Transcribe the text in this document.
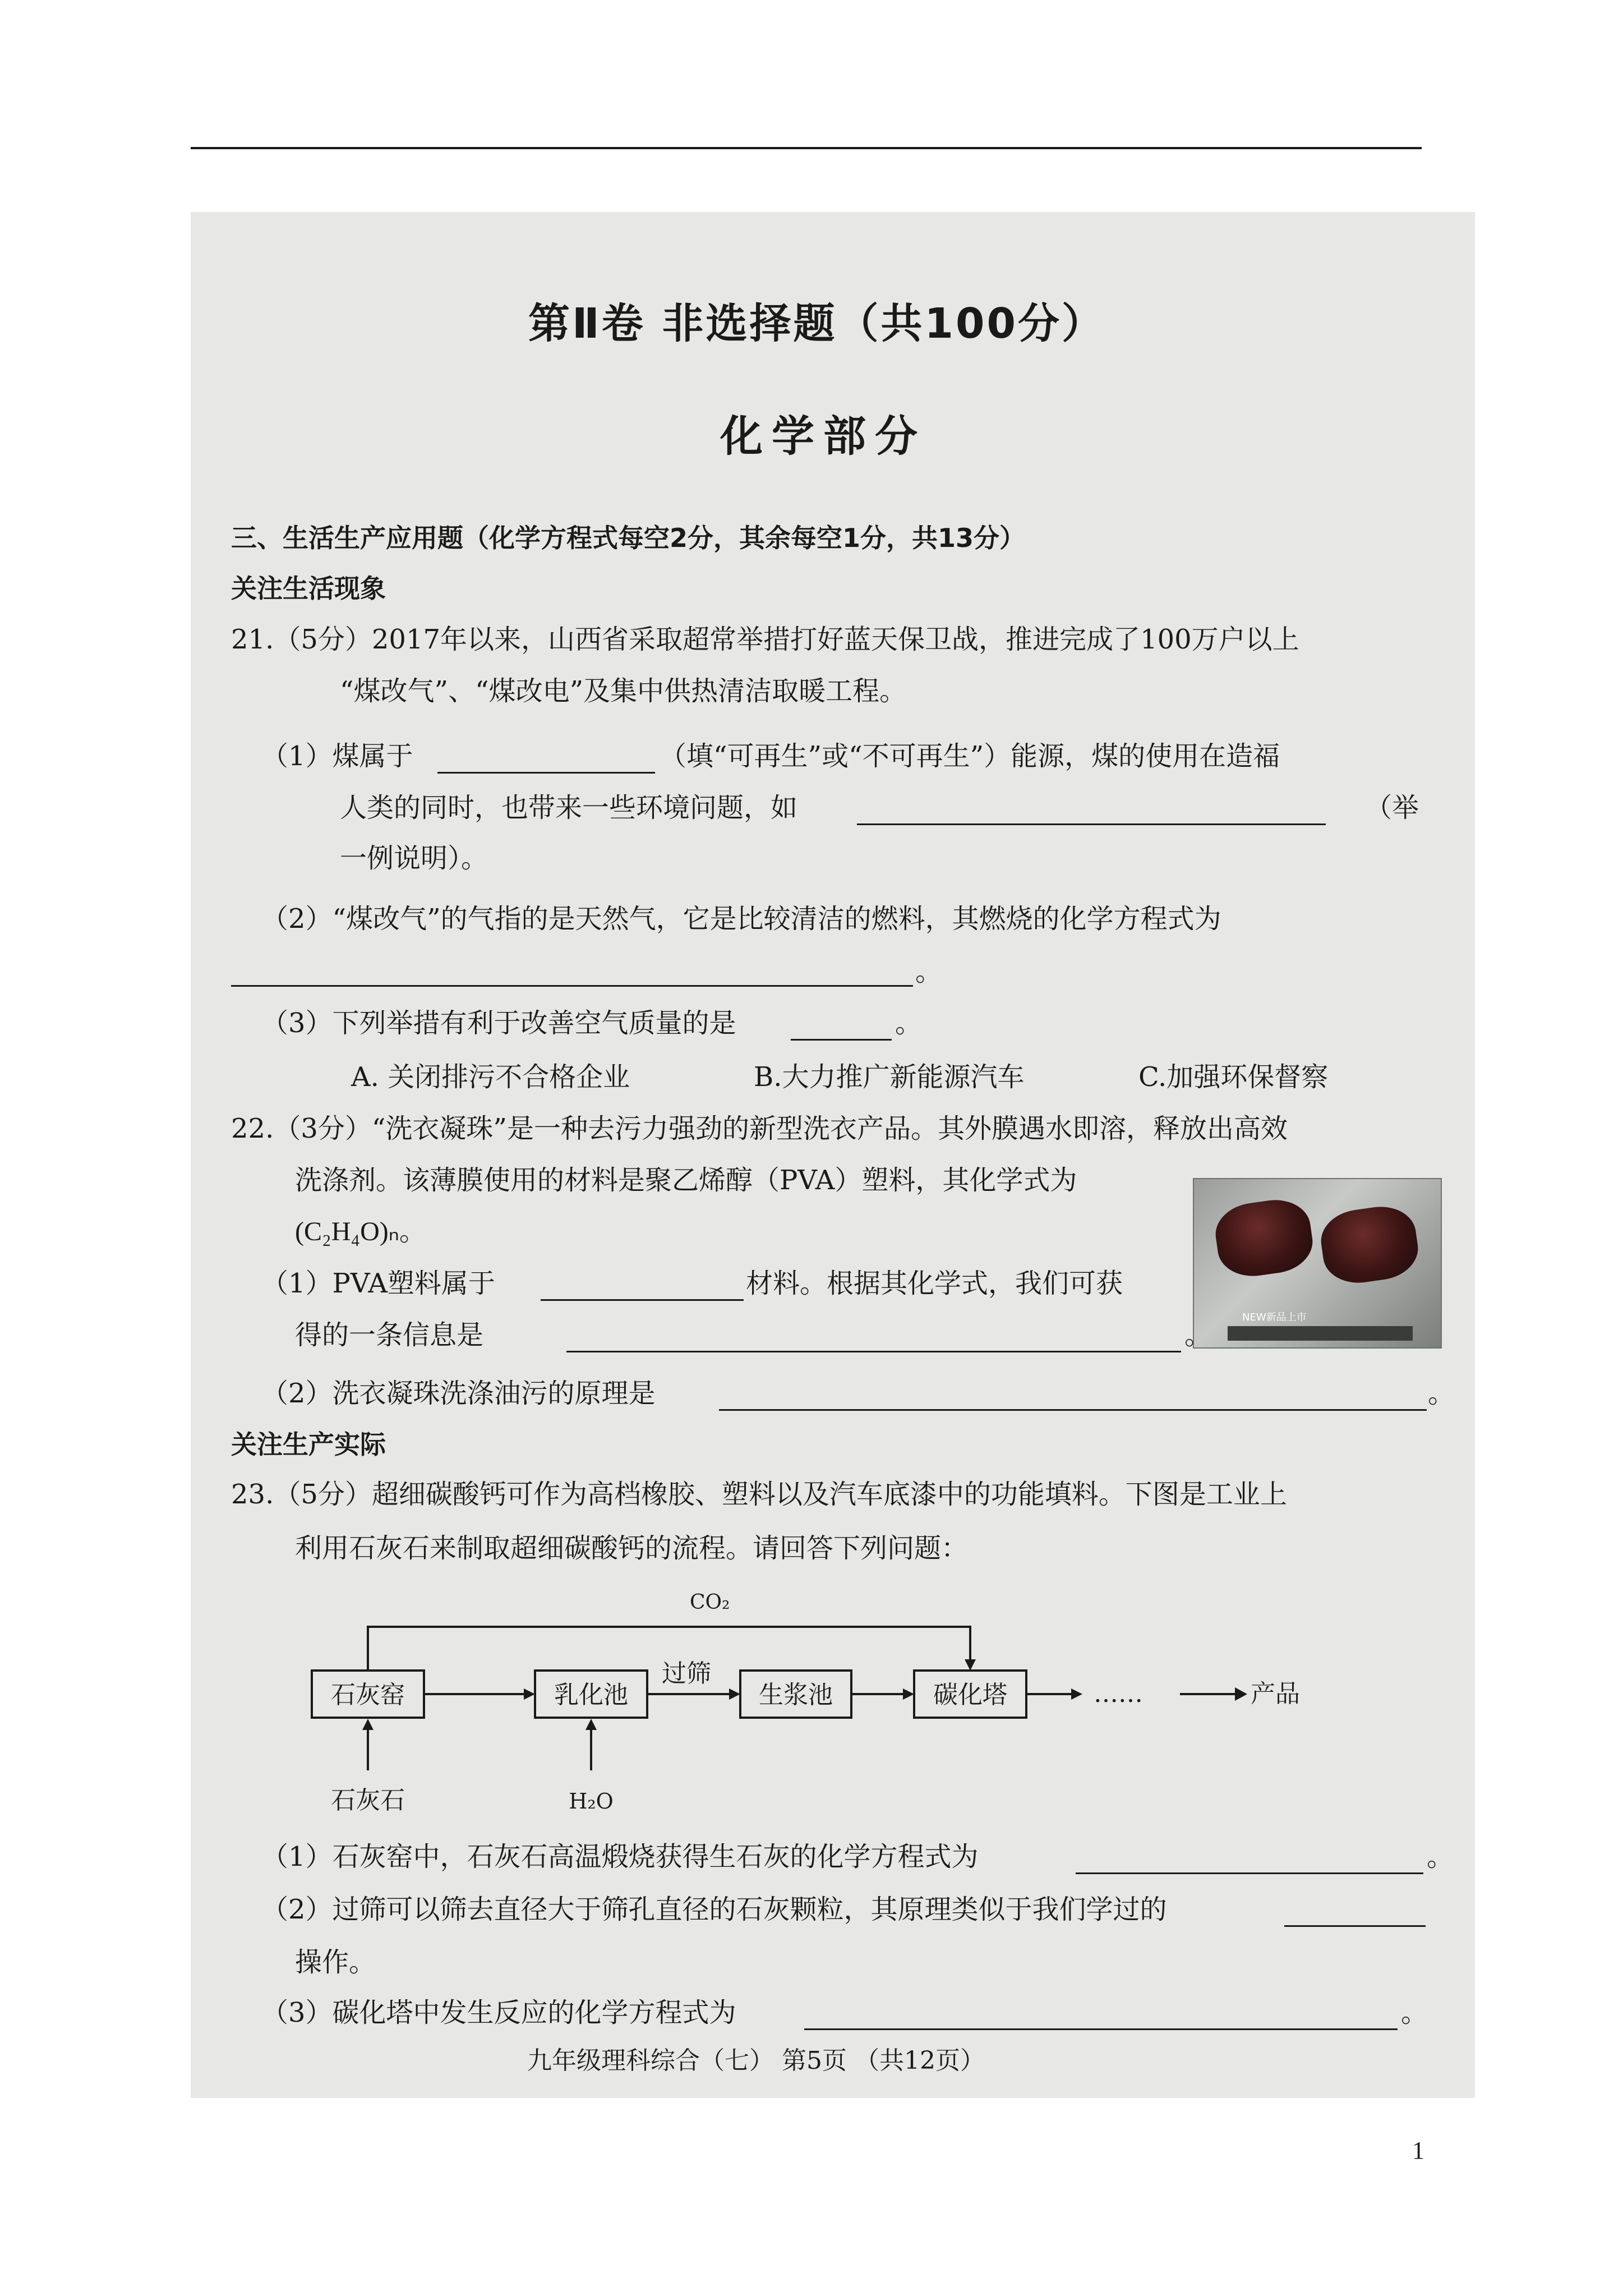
第Ⅱ卷 非选择题（共100分）
化学部分
三、生活生产应用题（化学方程式每空2分，其余每空1分，共13分）
关注生活现象
21.（5分）2017年以来，山西省采取超常举措打好蓝天保卫战，推进完成了100万户以上
“煤改气”、“煤改电”及集中供热清洁取暖工程。
（1）煤属于	（填“可再生”或“不可再生”）能源，煤的使用在造福
人类的同时，也带来一些环境问题，如	（举
一例说明）。
（2）“煤改气”的气指的是天然气，它是比较清洁的燃料，其燃烧的化学方程式为
。
（3）下列举措有利于改善空气质量的是	。
A. 关闭排污不合格企业	B.大力推广新能源汽车	C.加强环保督察
22.（3分）“洗衣凝珠”是一种去污力强劲的新型洗衣产品。其外膜遇水即溶，释放出高效
洗涤剂。该薄膜使用的材料是聚乙烯醇（PVA）塑料，其化学式为
(C₂H₄O)ₙ。
NEW新品上市
（1）PVA塑料属于	材料。根据其化学式，我们可获
得的一条信息是	。
（2）洗衣凝珠洗涤油污的原理是	。
关注生产实际
23.（5分）超细碳酸钙可作为高档橡胶、塑料以及汽车底漆中的功能填料。下图是工业上
利用石灰石来制取超细碳酸钙的流程。请回答下列问题：
CO₂
石灰窑	乳化池	生浆池	碳化塔
过筛
……	产品
石灰石	H₂O
（1）石灰窑中，石灰石高温煅烧获得生石灰的化学方程式为	。
（2）过筛可以筛去直径大于筛孔直径的石灰颗粒，其原理类似于我们学过的
操作。
（3）碳化塔中发生反应的化学方程式为	。
九年级理科综合（七） 第5页 （共12页）
1
